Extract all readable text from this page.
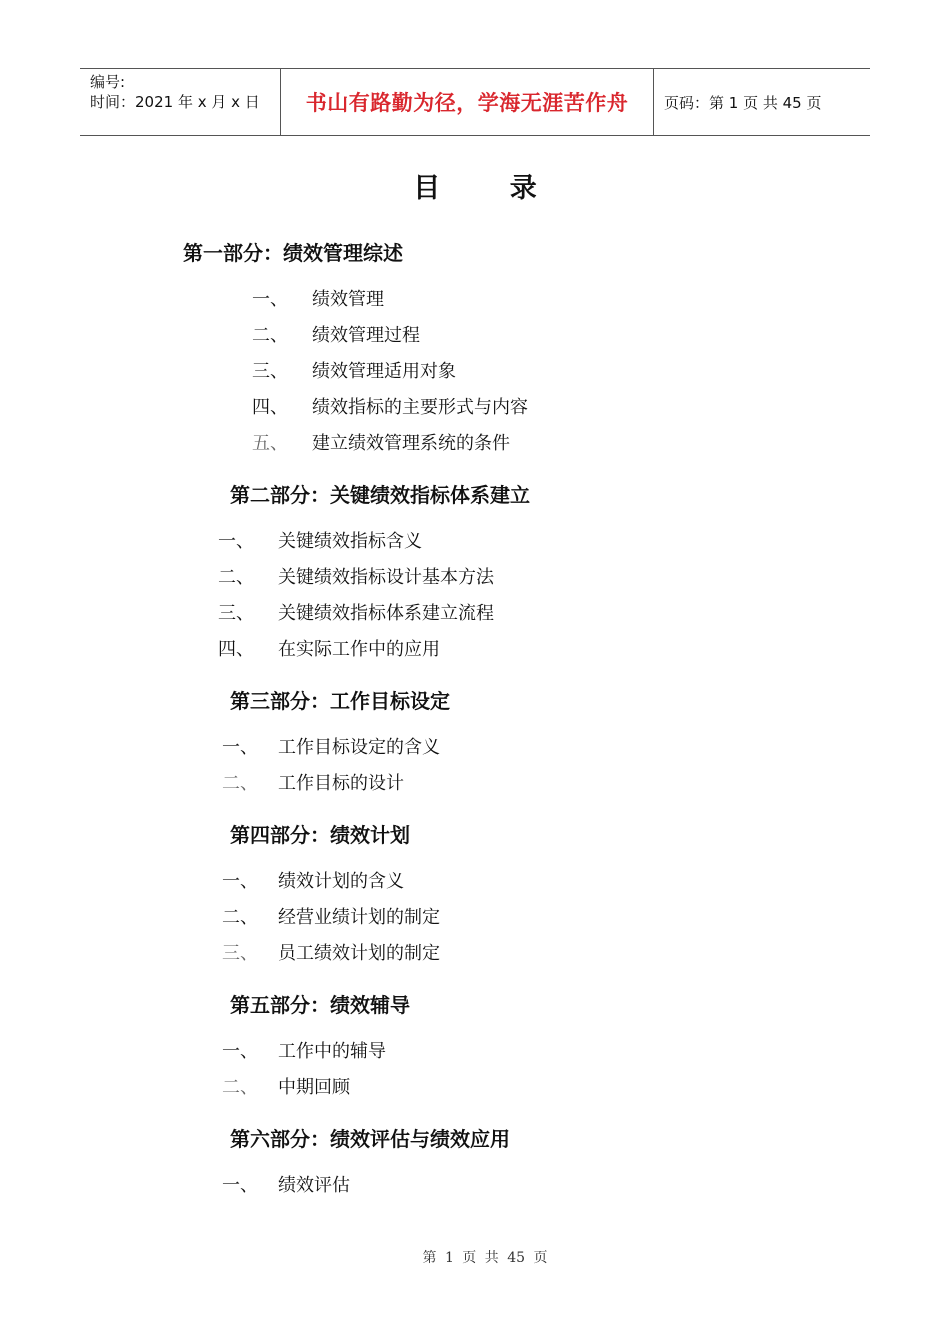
编号:
时间：2021 年 x 月 x 日	书山有路勤为径，学海无涯苦作舟	页码：第 1 页 共 45 页
目 录
第一部分：绩效管理综述
一、 绩效管理
二、 绩效管理过程
三、 绩效管理适用对象
四、 绩效指标的主要形式与内容
五、 建立绩效管理系统的条件
第二部分：关键绩效指标体系建立
一、 关键绩效指标含义
二、 关键绩效指标设计基本方法
三、 关键绩效指标体系建立流程
四、 在实际工作中的应用
第三部分：工作目标设定
一、 工作目标设定的含义
二、 工作目标的设计
第四部分：绩效计划
一、 绩效计划的含义
二、 经营业绩计划的制定
三、 员工绩效计划的制定
第五部分：绩效辅导
一、 工作中的辅导
二、 中期回顾
第六部分：绩效评估与绩效应用
一、 绩效评估
第 1 页 共 45 页
